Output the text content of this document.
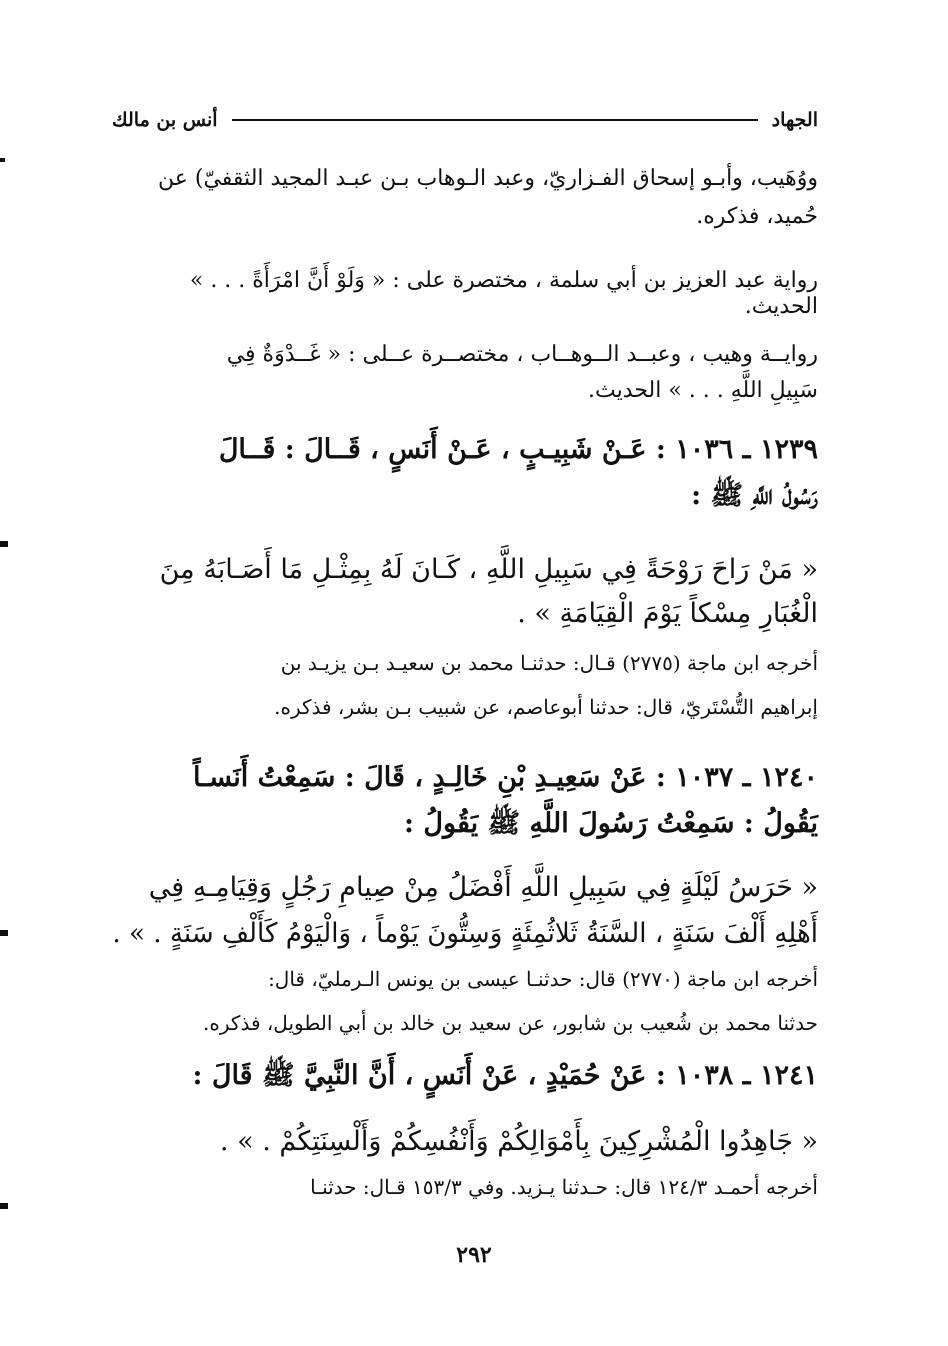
الجهاد
أنس بن مالك
ووُهَيب، وأبـو إسحاق الفـزاريّ، وعبد الـوهاب بـن عبـد المجيد الثقفيّ) عن
حُميد، فذكره.
رواية عبد العزيز بن أبي سلمة ، مختصرة على : « وَلَوْ أَنَّ امْرَأَةً . . . »
الحديث.
روايــة وهيب ، وعبــد الــوهــاب ، مختصــرة عــلى : « غَــدْوَةٌ فِي
سَبِيلِ اللَّهِ . . . » الحديث.
١٢٣٩ ـ ١٠٣٦ : عَـنْ شَبِيـبٍ ، عَـنْ أَنَسٍ ، قَــالَ : قَــالَ
رَسُولُ اللَّهِ ﷺ :
« مَنْ رَاحَ رَوْحَةً فِي سَبِيلِ اللَّهِ ، كَـانَ لَهُ بِمِثْـلِ مَا أَصَـابَهُ مِنَ
الْغُبَارِ مِسْكاً يَوْمَ الْقِيَامَةِ » .
أخرجه ابن ماجة (٢٧٧٥) قـال: حدثنـا محمد بن سعيـد بـن يزيـد بن
إبراهيم التُّسْتَريّ، قال: حدثنا أبوعاصم، عن شبيب بـن بشر، فذكره.
١٢٤٠ ـ ١٠٣٧ : عَنْ سَعِيـدِ بْنِ خَالِـدٍ ، قَالَ : سَمِعْتُ أَنَسـاً
يَقُولُ : سَمِعْتُ رَسُولَ اللَّهِ ﷺ يَقُولُ :
« حَرَسُ لَيْلَةٍ فِي سَبِيلِ اللَّهِ أَفْضَلُ مِنْ صِيامِ رَجُلٍ وَقِيَامِـهِ فِي
أَهْلِهِ أَلْفَ سَنَةٍ ، السَّنَةُ ثَلاثُمِئَةٍ وَسِتُّونَ يَوْماً ، وَالْيَوْمُ كَأَلْفِ سَنَةٍ . » .
أخرجه ابن ماجة (٢٧٧٠) قال: حدثنـا عيسى بن يونس الـرمليّ، قال:
حدثنا محمد بن شُعيب بن شابور، عن سعيد بن خالد بن أبي الطويل، فذكره.
١٢٤١ ـ ١٠٣٨ : عَنْ حُمَيْدٍ ، عَنْ أَنَسٍ ، أَنَّ النَّبِيَّ ﷺ قَالَ :
« جَاهِدُوا الْمُشْرِكِينَ بِأَمْوَالِكُمْ وَأَنْفُسِكُمْ وَأَلْسِنَتِكُمْ . » .
أخرجه أحمـد ١٢٤/٣ قال: حـدثنا يـزيد. وفي ١٥٣/٣ قـال: حدثنـا
٢٩٢
